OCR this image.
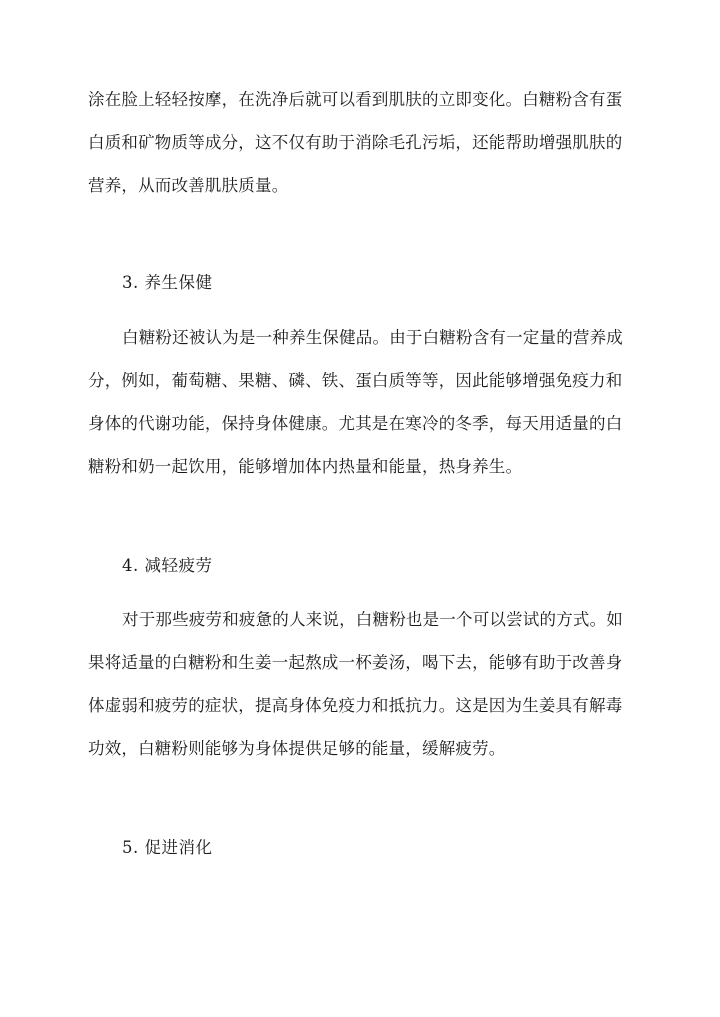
涂在脸上轻轻按摩，在洗净后就可以看到肌肤的立即变化。白糖粉含有蛋
白质和矿物质等成分，这不仅有助于消除毛孔污垢，还能帮助增强肌肤的
营养，从而改善肌肤质量。
3. 养生保健
白糖粉还被认为是一种养生保健品。由于白糖粉含有一定量的营养成
分，例如，葡萄糖、果糖、磷、铁、蛋白质等等，因此能够增强免疫力和
身体的代谢功能，保持身体健康。尤其是在寒冷的冬季，每天用适量的白
糖粉和奶一起饮用，能够增加体内热量和能量，热身养生。
4. 减轻疲劳
对于那些疲劳和疲惫的人来说，白糖粉也是一个可以尝试的方式。如
果将适量的白糖粉和生姜一起熬成一杯姜汤，喝下去，能够有助于改善身
体虚弱和疲劳的症状，提高身体免疫力和抵抗力。这是因为生姜具有解毒
功效，白糖粉则能够为身体提供足够的能量，缓解疲劳。
5. 促进消化
